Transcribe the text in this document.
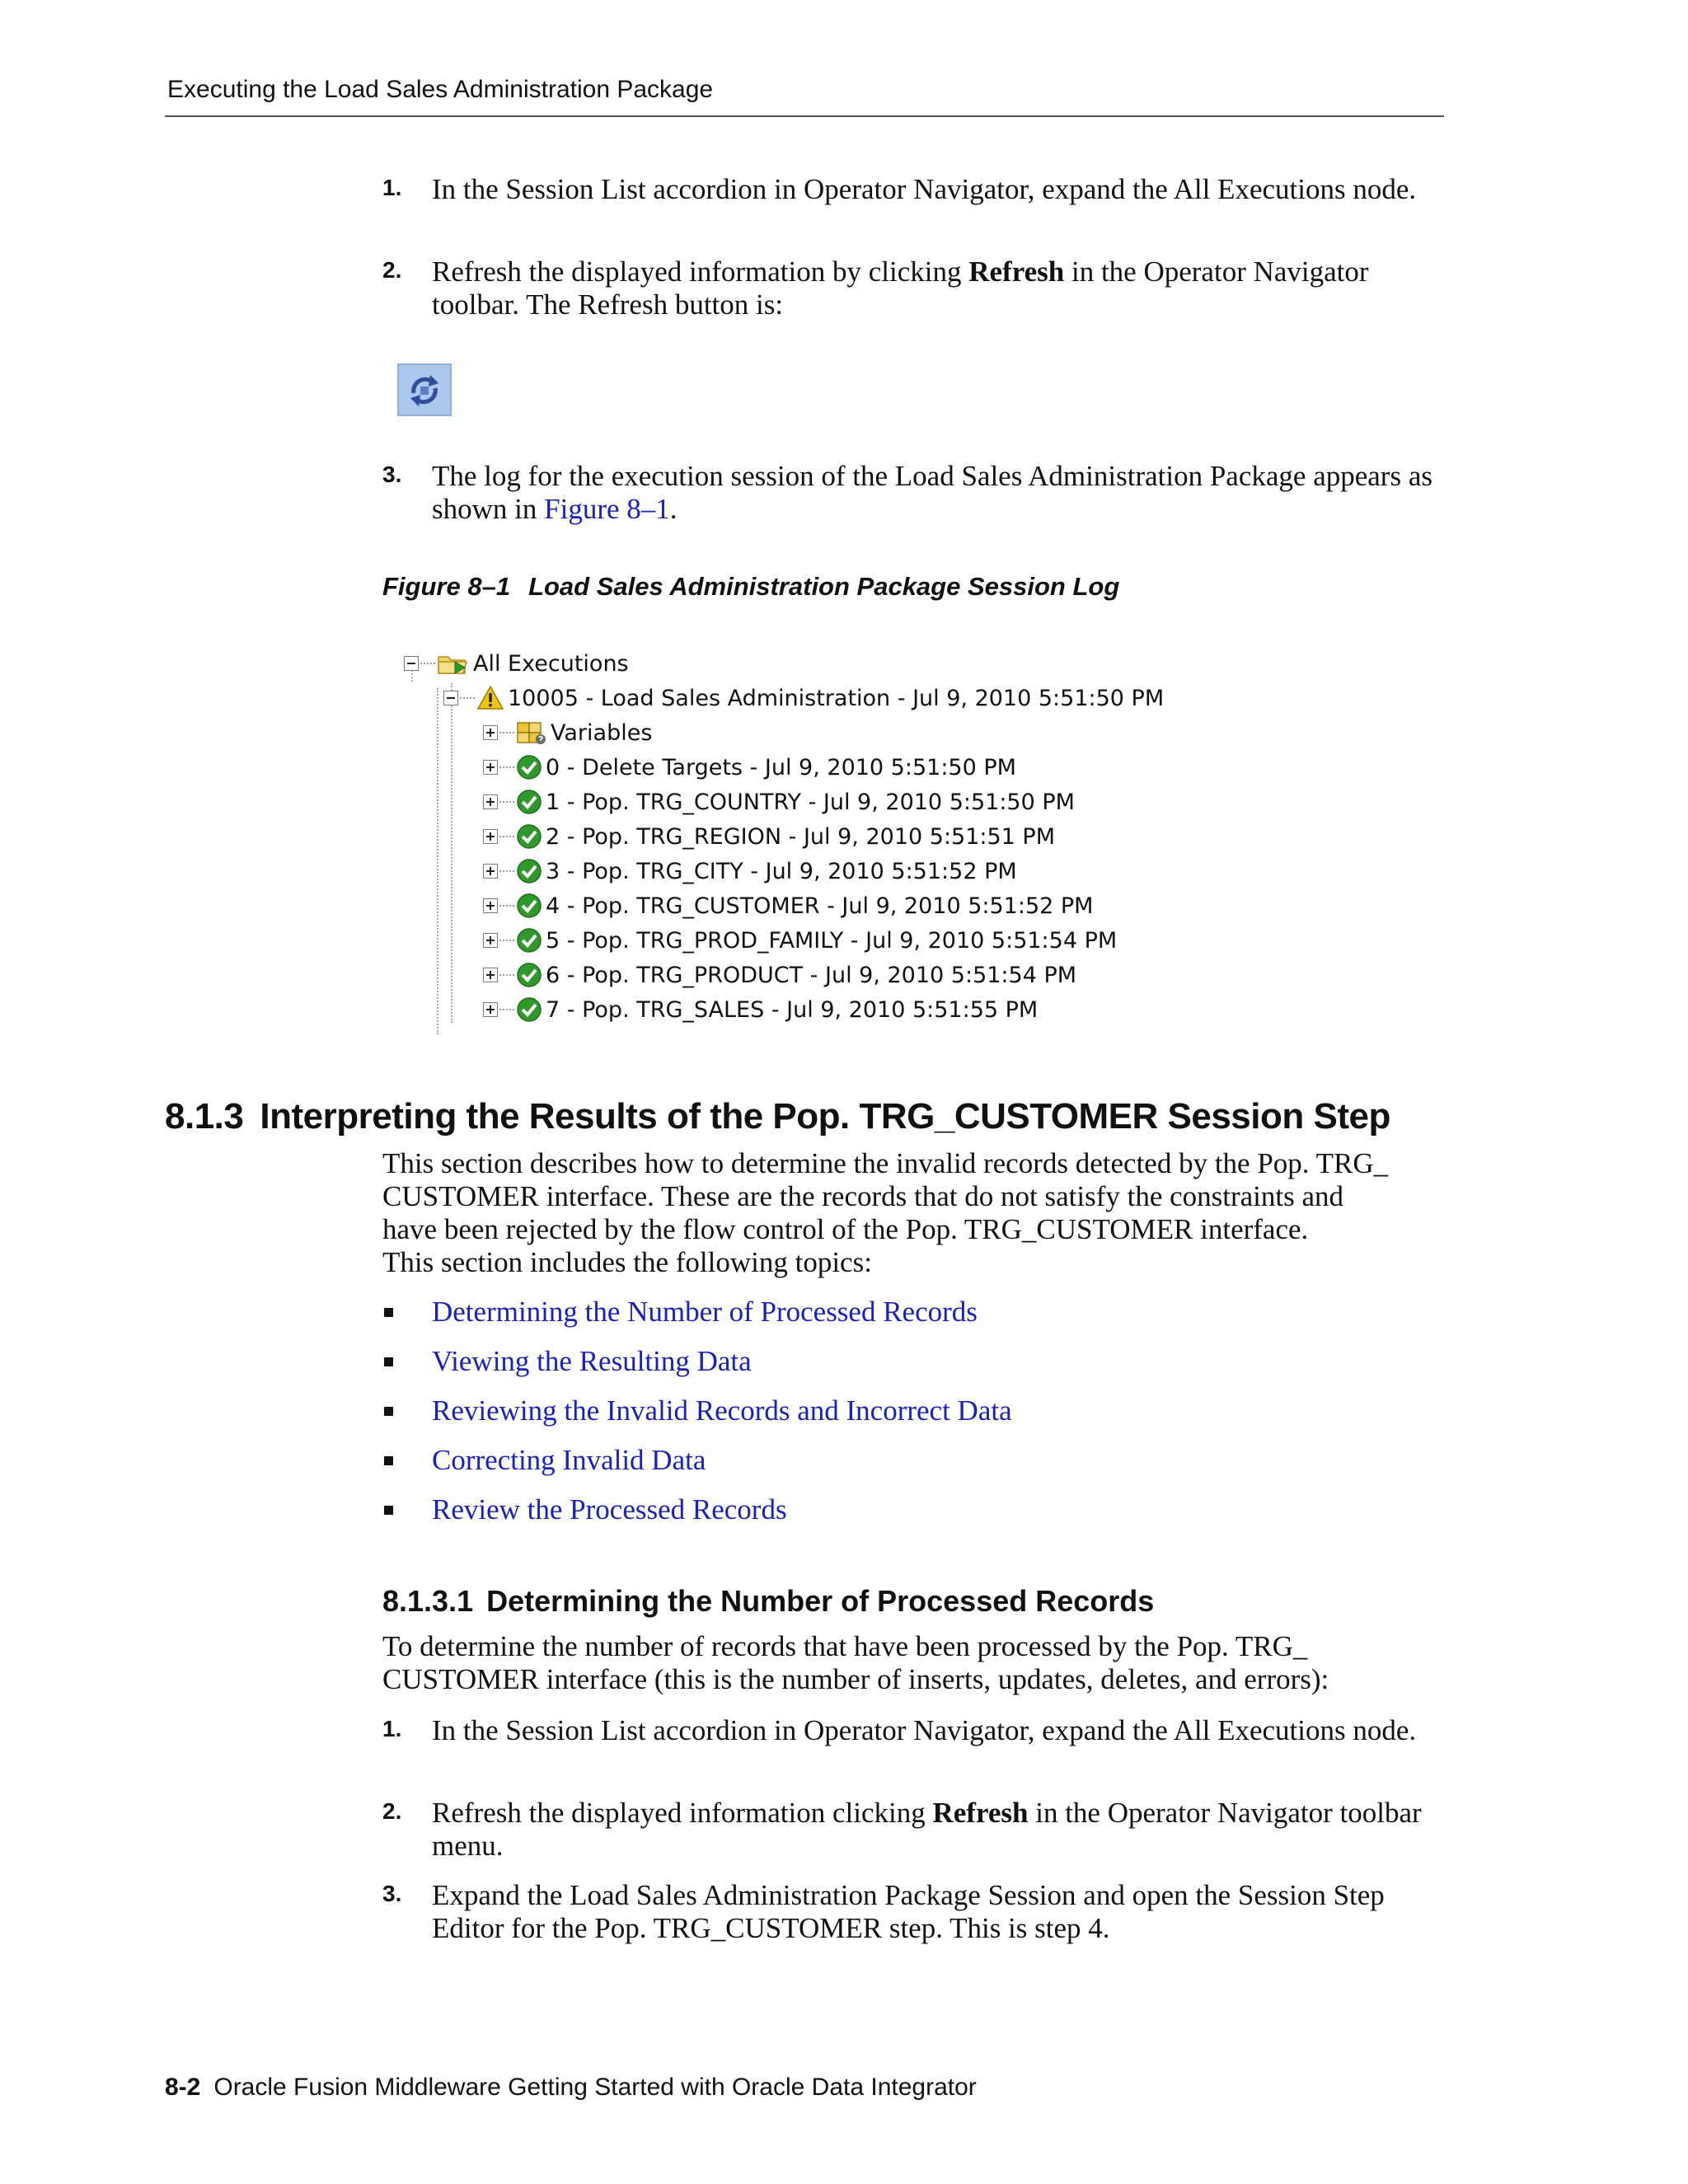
Executing the Load Sales Administration Package
1. In the Session List accordion in Operator Navigator, expand the All Executions node.
2. Refresh the displayed information by clicking Refresh in the Operator Navigator toolbar. The Refresh button is:
3. The log for the execution session of the Load Sales Administration Package appears as shown in Figure 8–1.
Figure 8–1 Load Sales Administration Package Session Log
All Executions
10005 - Load Sales Administration - Jul 9, 2010 5:51:50 PM
Variables
0 - Delete Targets - Jul 9, 2010 5:51:50 PM
1 - Pop. TRG_COUNTRY - Jul 9, 2010 5:51:50 PM
2 - Pop. TRG_REGION - Jul 9, 2010 5:51:51 PM
3 - Pop. TRG_CITY - Jul 9, 2010 5:51:52 PM
4 - Pop. TRG_CUSTOMER - Jul 9, 2010 5:51:52 PM
5 - Pop. TRG_PROD_FAMILY - Jul 9, 2010 5:51:54 PM
6 - Pop. TRG_PRODUCT - Jul 9, 2010 5:51:54 PM
7 - Pop. TRG_SALES - Jul 9, 2010 5:51:55 PM
8.1.3 Interpreting the Results of the Pop. TRG_CUSTOMER Session Step
This section describes how to determine the invalid records detected by the Pop. TRG_
CUSTOMER interface. These are the records that do not satisfy the constraints and
have been rejected by the flow control of the Pop. TRG_CUSTOMER interface.
This section includes the following topics:
Determining the Number of Processed Records
Viewing the Resulting Data
Reviewing the Invalid Records and Incorrect Data
Correcting Invalid Data
Review the Processed Records
8.1.3.1 Determining the Number of Processed Records
To determine the number of records that have been processed by the Pop. TRG_
CUSTOMER interface (this is the number of inserts, updates, deletes, and errors):
1. In the Session List accordion in Operator Navigator, expand the All Executions node.
2. Refresh the displayed information clicking Refresh in the Operator Navigator toolbar menu.
3. Expand the Load Sales Administration Package Session and open the Session Step Editor for the Pop. TRG_CUSTOMER step. This is step 4.
8-2 Oracle Fusion Middleware Getting Started with Oracle Data Integrator
